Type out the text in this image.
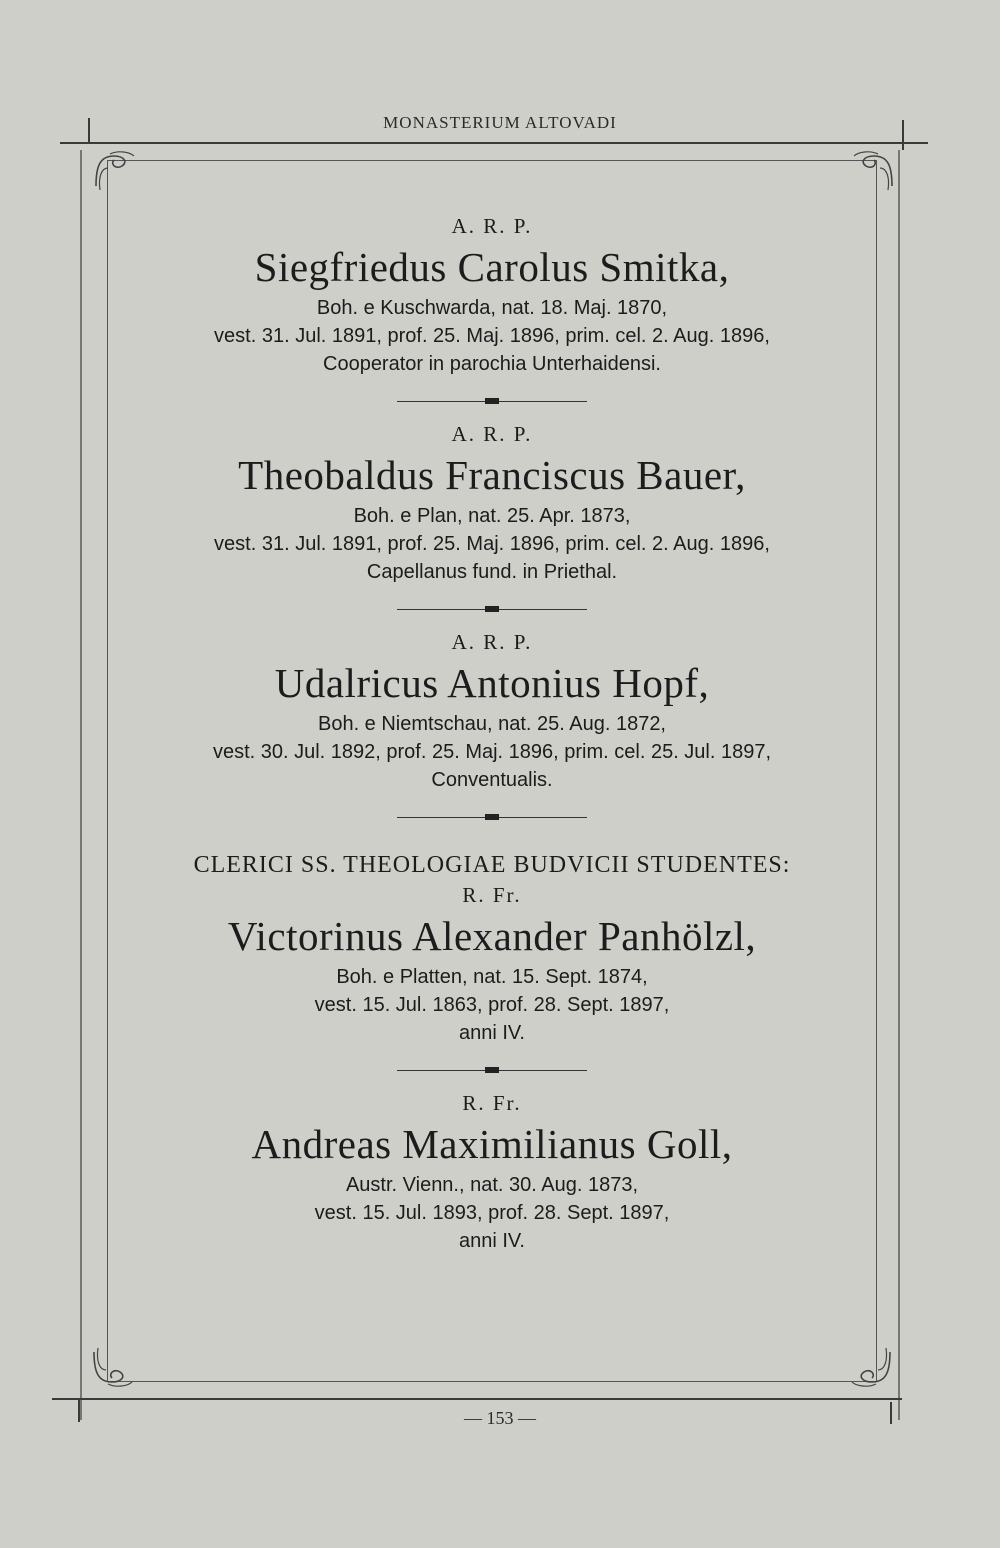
MONASTERIUM ALTOVADI
A. R. P.
Siegfriedus Carolus Smitka,
Boh. e Kuschwarda, nat. 18. Maj. 1870,
vest. 31. Jul. 1891, prof. 25. Maj. 1896, prim. cel. 2. Aug. 1896,
Cooperator in parochia Unterhaidensi.
A. R. P.
Theobaldus Franciscus Bauer,
Boh. e Plan, nat. 25. Apr. 1873,
vest. 31. Jul. 1891, prof. 25. Maj. 1896, prim. cel. 2. Aug. 1896,
Capellanus fund. in Priethal.
A. R. P.
Udalricus Antonius Hopf,
Boh. e Niemtschau, nat. 25. Aug. 1872,
vest. 30. Jul. 1892, prof. 25. Maj. 1896, prim. cel. 25. Jul. 1897,
Conventualis.
CLERICI SS. THEOLOGIAE BUDVICII STUDENTES:
R. Fr.
Victorinus Alexander Panhölzl,
Boh. e Platten, nat. 15. Sept. 1874,
vest. 15. Jul. 1863, prof. 28. Sept. 1897,
anni IV.
R. Fr.
Andreas Maximilianus Goll,
Austr. Vienn., nat. 30. Aug. 1873,
vest. 15. Jul. 1893, prof. 28. Sept. 1897,
anni IV.
— 153 —
